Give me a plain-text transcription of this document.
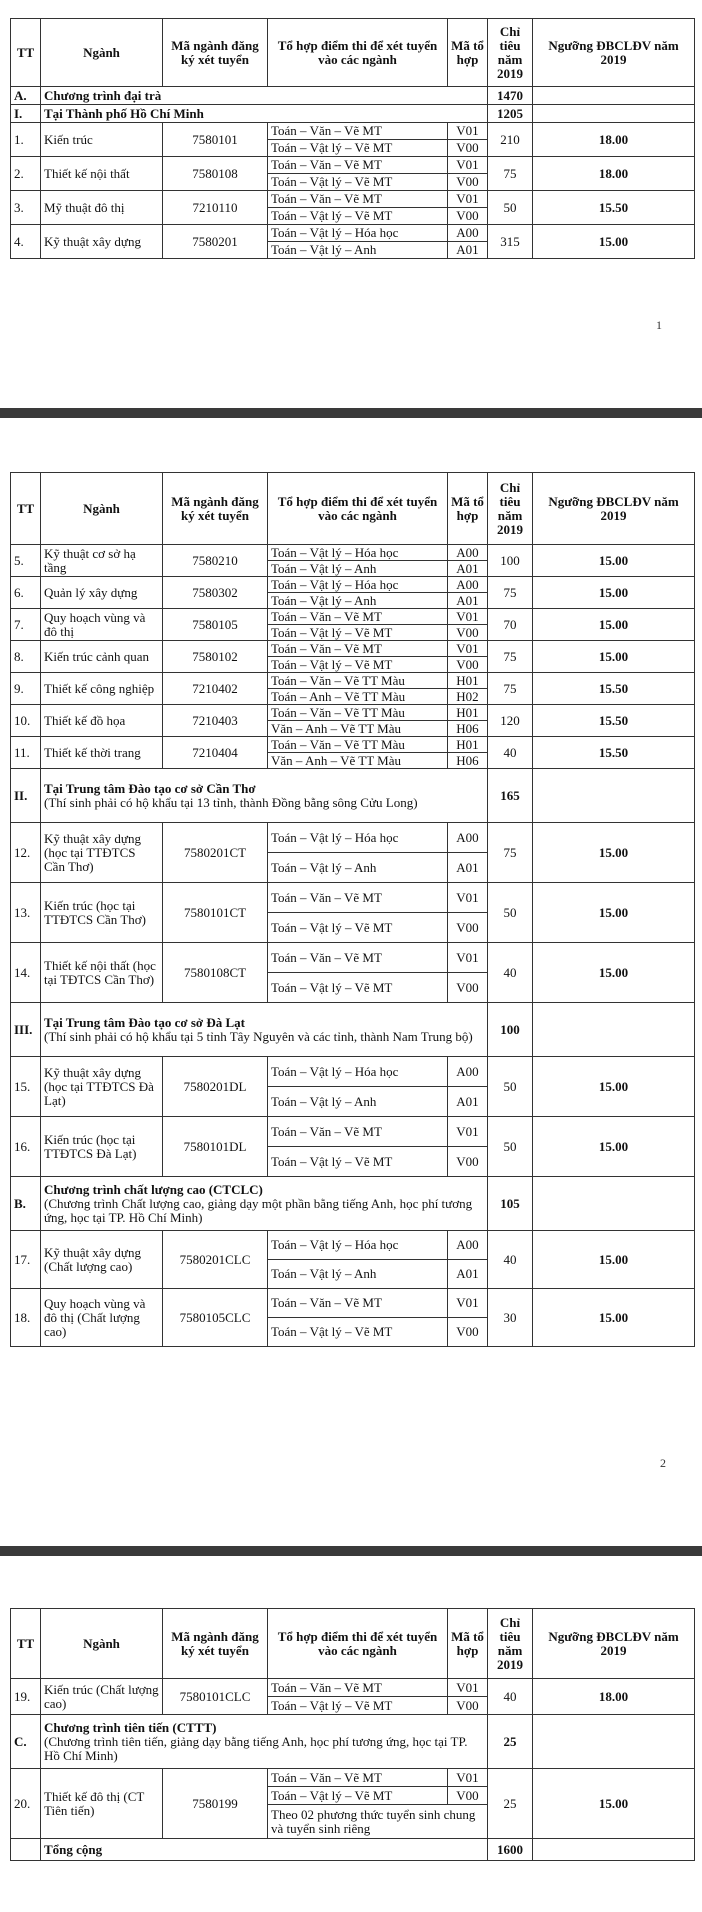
TT	Ngành	Mã ngành đăng ký xét tuyển	Tổ hợp điểm thi để xét tuyển vào các ngành	Mã tổ hợp	Chỉ tiêu năm 2019	Ngưỡng ĐBCLĐV năm 2019
A.	Chương trình đại trà				1470	
I.	Tại Thành phố Hồ Chí Minh				1205	
1.	Kiến trúc	7580101	Toán – Văn – Vẽ MT	V01	210	18.00
			Toán – Vật lý – Vẽ MT	V00		
2.	Thiết kế nội thất	7580108	Toán – Văn – Vẽ MT	V01	75	18.00
			Toán – Vật lý – Vẽ MT	V00		
3.	Mỹ thuật đô thị	7210110	Toán – Văn – Vẽ MT	V01	50	15.50
			Toán – Vật lý – Vẽ MT	V00		
4.	Kỹ thuật xây dựng	7580201	Toán – Vật lý – Hóa học	A00	315	15.00
			Toán – Vật lý – Anh	A01		
1
TT	Ngành	Mã ngành đăng ký xét tuyển	Tổ hợp điểm thi để xét tuyển vào các ngành	Mã tổ hợp	Chỉ tiêu năm 2019	Ngưỡng ĐBCLĐV năm 2019
5.	Kỹ thuật cơ sở hạ tầng	7580210	Toán – Vật lý – Hóa học	A00	100	15.00
			Toán – Vật lý – Anh	A01		
6.	Quản lý xây dựng	7580302	Toán – Vật lý – Hóa học	A00	75	15.00
			Toán – Vật lý – Anh	A01		
7.	Quy hoạch vùng và đô thị	7580105	Toán – Văn – Vẽ MT	V01	70	15.00
			Toán – Vật lý – Vẽ MT	V00		
8.	Kiến trúc cảnh quan	7580102	Toán – Văn – Vẽ MT	V01	75	15.00
			Toán – Vật lý – Vẽ MT	V00		
9.	Thiết kế công nghiệp	7210402	Toán – Văn – Vẽ TT Màu	H01	75	15.50
			Toán – Anh – Vẽ TT Màu	H02		
10.	Thiết kế đồ họa	7210403	Toán – Văn – Vẽ TT Màu	H01	120	15.50
			Văn – Anh – Vẽ TT Màu	H06		
11.	Thiết kế thời trang	7210404	Toán – Văn – Vẽ TT Màu	H01	40	15.50
			Văn – Anh – Vẽ TT Màu	H06		
II.	Tại Trung tâm Đào tạo cơ sở Cần Thơ
(Thí sinh phải có hộ khẩu tại 13 tỉnh, thành Đồng bằng sông Cửu Long)				165	
12.	Kỹ thuật xây dựng (học tại TTĐTCS Cần Thơ)	7580201CT	Toán – Vật lý – Hóa học	A00	75	15.00
			Toán – Vật lý – Anh	A01		
13.	Kiến trúc (học tại TTĐTCS Cần Thơ)	7580101CT	Toán – Văn – Vẽ MT	V01	50	15.00
			Toán – Vật lý – Vẽ MT	V00		
14.	Thiết kế nội thất (học tại TĐTCS Cần Thơ)	7580108CT	Toán – Văn – Vẽ MT	V01	40	15.00
			Toán – Vật lý – Vẽ MT	V00		
III.	Tại Trung tâm Đào tạo cơ sở Đà Lạt
(Thí sinh phải có hộ khẩu tại 5 tỉnh Tây Nguyên và các tỉnh, thành Nam Trung bộ)				100	
15.	Kỹ thuật xây dựng (học tại TTĐTCS Đà Lạt)	7580201DL	Toán – Vật lý – Hóa học	A00	50	15.00
			Toán – Vật lý – Anh	A01		
16.	Kiến trúc (học tại TTĐTCS Đà Lạt)	7580101DL	Toán – Văn – Vẽ MT	V01	50	15.00
			Toán – Vật lý – Vẽ MT	V00		
B.	Chương trình chất lượng cao (CTCLC)
(Chương trình Chất lượng cao, giảng dạy một phần bằng tiếng Anh, học phí tương ứng, học tại TP. Hồ Chí Minh)				105	
17.	Kỹ thuật xây dựng (Chất lượng cao)	7580201CLC	Toán – Vật lý – Hóa học	A00	40	15.00
			Toán – Vật lý – Anh	A01		
18.	Quy hoạch vùng và đô thị (Chất lượng cao)	7580105CLC	Toán – Văn – Vẽ MT	V01	30	15.00
			Toán – Vật lý – Vẽ MT	V00		
2
TT	Ngành	Mã ngành đăng ký xét tuyển	Tổ hợp điểm thi để xét tuyển vào các ngành	Mã tổ hợp	Chỉ tiêu năm 2019	Ngưỡng ĐBCLĐV năm 2019
19.	Kiến trúc (Chất lượng cao)	7580101CLC	Toán – Văn – Vẽ MT	V01	40	18.00
			Toán – Vật lý – Vẽ MT	V00		
C.	Chương trình tiên tiến (CTTT)
(Chương trình tiên tiến, giảng dạy bằng tiếng Anh, học phí tương ứng, học tại TP. Hồ Chí Minh)				25	
20.	Thiết kế đô thị (CT Tiên tiến)	7580199	Toán – Văn – Vẽ MT	V01	25	15.00
			Toán – Vật lý – Vẽ MT	V00		
			Theo 02 phương thức tuyển sinh chung và tuyển sinh riêng			
	Tổng cộng				1600	
